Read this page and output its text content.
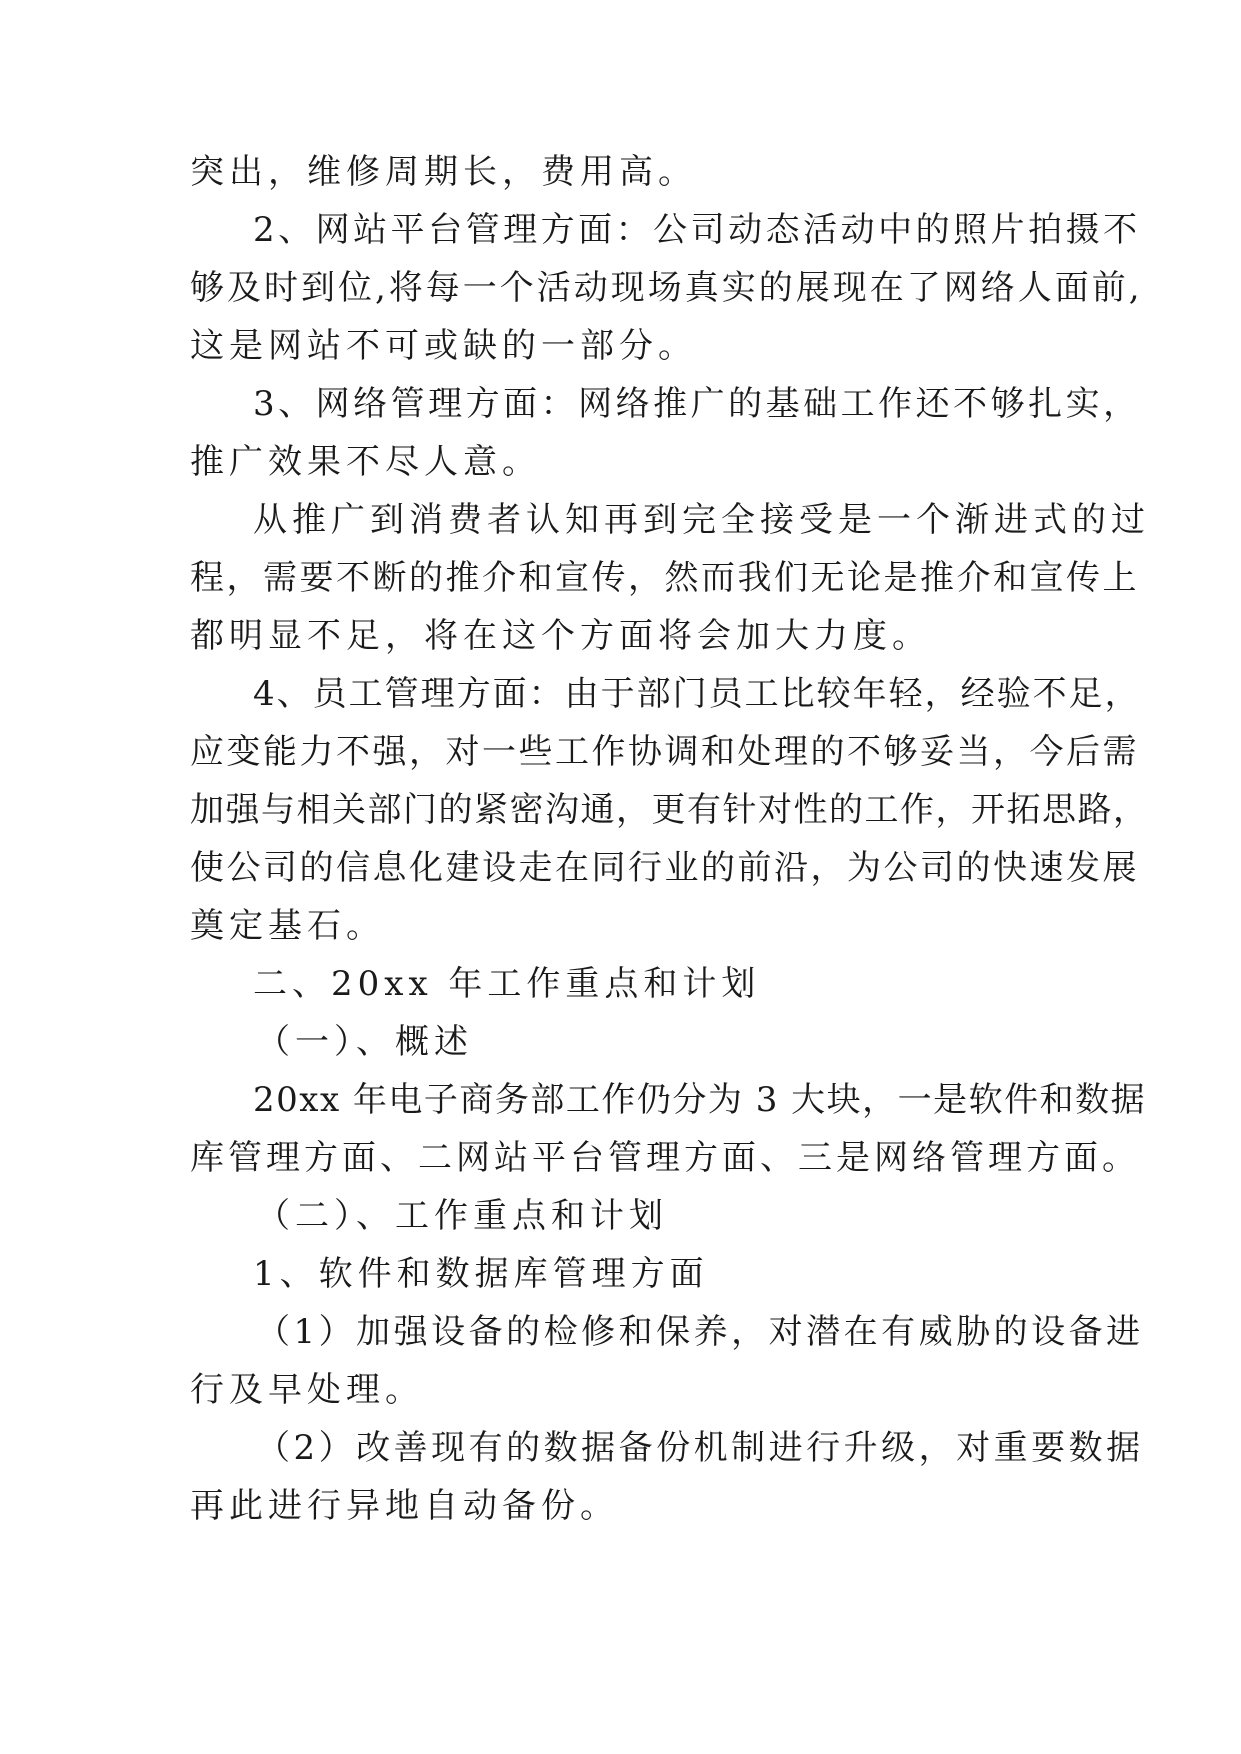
突出，维修周期长，费用高。
2、网站平台管理方面：公司动态活动中的照片拍摄不
够及时到位,将每一个活动现场真实的展现在了网络人面前,
这是网站不可或缺的一部分。
3、网络管理方面：网络推广的基础工作还不够扎实，
推广效果不尽人意。
从推广到消费者认知再到完全接受是一个渐进式的过
程，需要不断的推介和宣传，然而我们无论是推介和宣传上
都明显不足，将在这个方面将会加大力度。
4、员工管理方面：由于部门员工比较年轻，经验不足，
应变能力不强，对一些工作协调和处理的不够妥当，今后需
加强与相关部门的紧密沟通，更有针对性的工作，开拓思路，
使公司的信息化建设走在同行业的前沿，为公司的快速发展
奠定基石。
二、20xx 年工作重点和计划
（一）、概述
20xx 年电子商务部工作仍分为 3 大块，一是软件和数据
库管理方面、二网站平台管理方面、三是网络管理方面。
（二）、工作重点和计划
1、软件和数据库管理方面
（1）加强设备的检修和保养，对潜在有威胁的设备进
行及早处理。
（2）改善现有的数据备份机制进行升级，对重要数据
再此进行异地自动备份。
